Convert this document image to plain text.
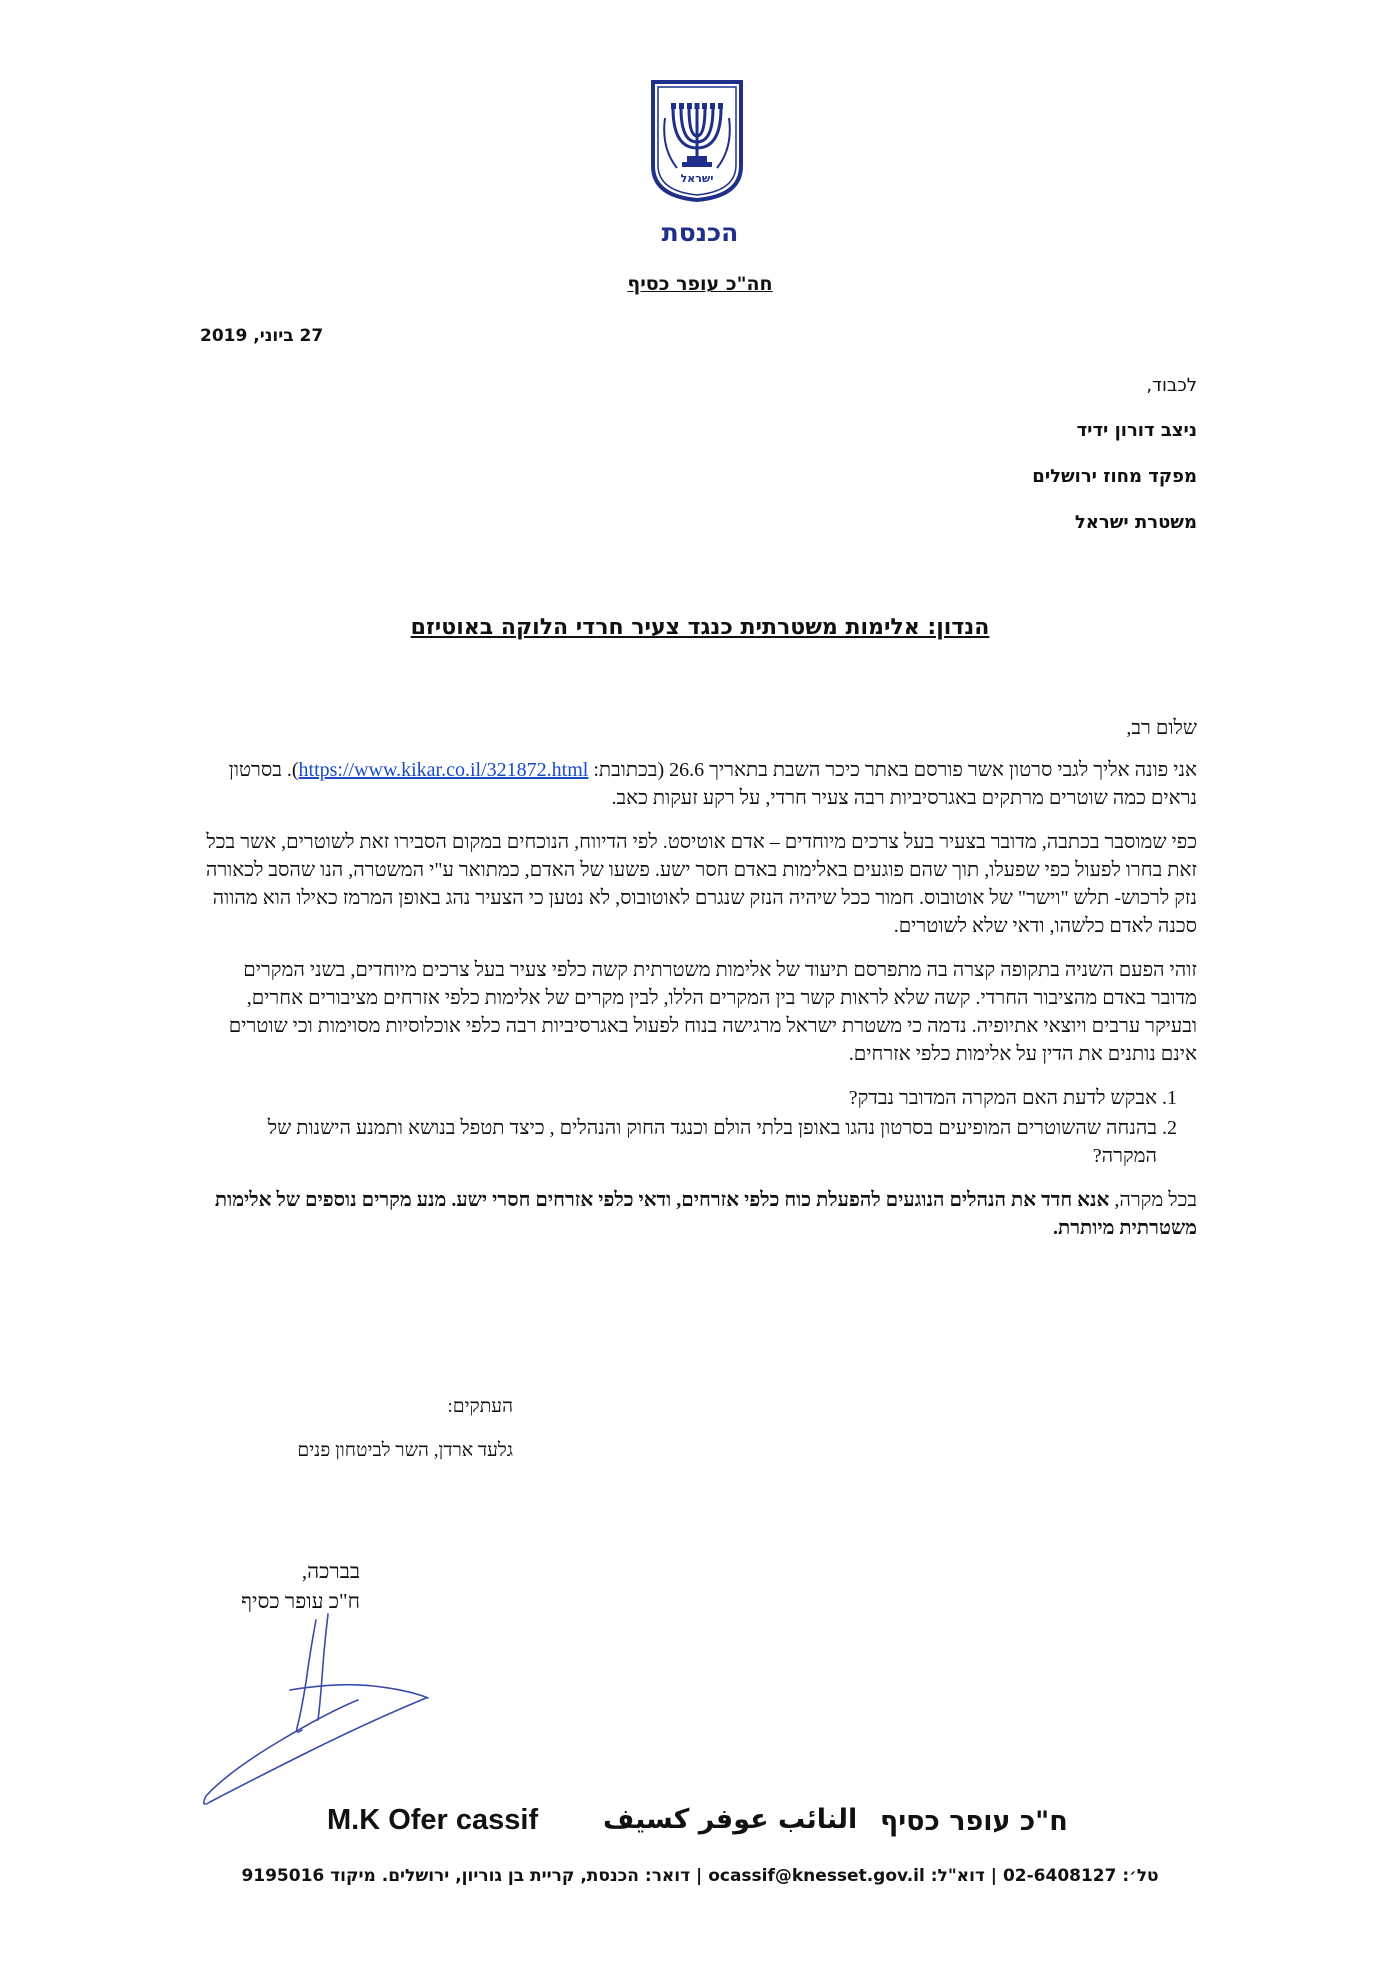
ישראל
הכנסת
חה"כ עופר כסיף
27 ביוני, 2019
לכבוד,
ניצב דורון ידיד
מפקד מחוז ירושלים
משטרת ישראל
הנדון: אלימות משטרתית כנגד צעיר חרדי הלוקה באוטיזם

שלום רב,

אני פונה אליך לגבי סרטון אשר פורסם באתר כיכר השבת בתאריך 26.6 (בכתובת: https://www.kikar.co.il/321872.html). בסרטון נראים כמה שוטרים מרתקים באגרסיביות רבה צעיר חרדי, על רקע זעקות כאב.

כפי שמוסבר בכתבה, מדובר בצעיר בעל צרכים מיוחדים – אדם אוטיסט. לפי הדיווח, הנוכחים במקום הסבירו זאת לשוטרים, אשר בכל זאת בחרו לפעול כפי שפעלו, תוך שהם פוגעים באלימות באדם חסר ישע. פשעו של האדם, כמתואר ע"י המשטרה, הנו שהסב לכאורה נזק לרכוש- תלש "וישר" של אוטובוס. חמור ככל שיהיה הנזק שנגרם לאוטובוס, לא נטען כי הצעיר נהג באופן המרמז כאילו הוא מהווה סכנה לאדם כלשהו, ודאי שלא לשוטרים.

זוהי הפעם השניה בתקופה קצרה בה מתפרסם תיעוד של אלימות משטרתית קשה כלפי צעיר בעל צרכים מיוחדים, בשני המקרים מדובר באדם מהציבור החרדי. קשה שלא לראות קשר בין המקרים הללו, לבין מקרים של אלימות כלפי אזרחים מציבורים אחרים, ובעיקר ערבים ויוצאי אתיופיה. נדמה כי משטרת ישראל מרגישה בנוח לפעול באגרסיביות רבה כלפי אוכלוסיות מסוימות וכי שוטרים אינם נותנים את הדין על אלימות כלפי אזרחים.

1. אבקש לדעת האם המקרה המדובר נבדק?
2. בהנחה שהשוטרים המופיעים בסרטון נהגו באופן בלתי הולם וכנגד החוק והנהלים , כיצד תטפל בנושא ותמנע הישנות של המקרה?

בכל מקרה, אנא חדד את הנהלים הנוגעים להפעלת כוח כלפי אזרחים, ודאי כלפי אזרחים חסרי ישע. מנע מקרים נוספים של אלימות משטרתית מיותרת.

העתקים:
גלעד ארדן, השר לביטחון פנים
בברכה,
ח"כ עופר כסיף
M.K Ofer cassif النائب عوفر كسيف ח"כ עופר כסיף
טל׳: 02-6408127 | דוא"ל: ocassif@knesset.gov.il | דואר: הכנסת, קריית בן גוריון, ירושלים. מיקוד 9195016
